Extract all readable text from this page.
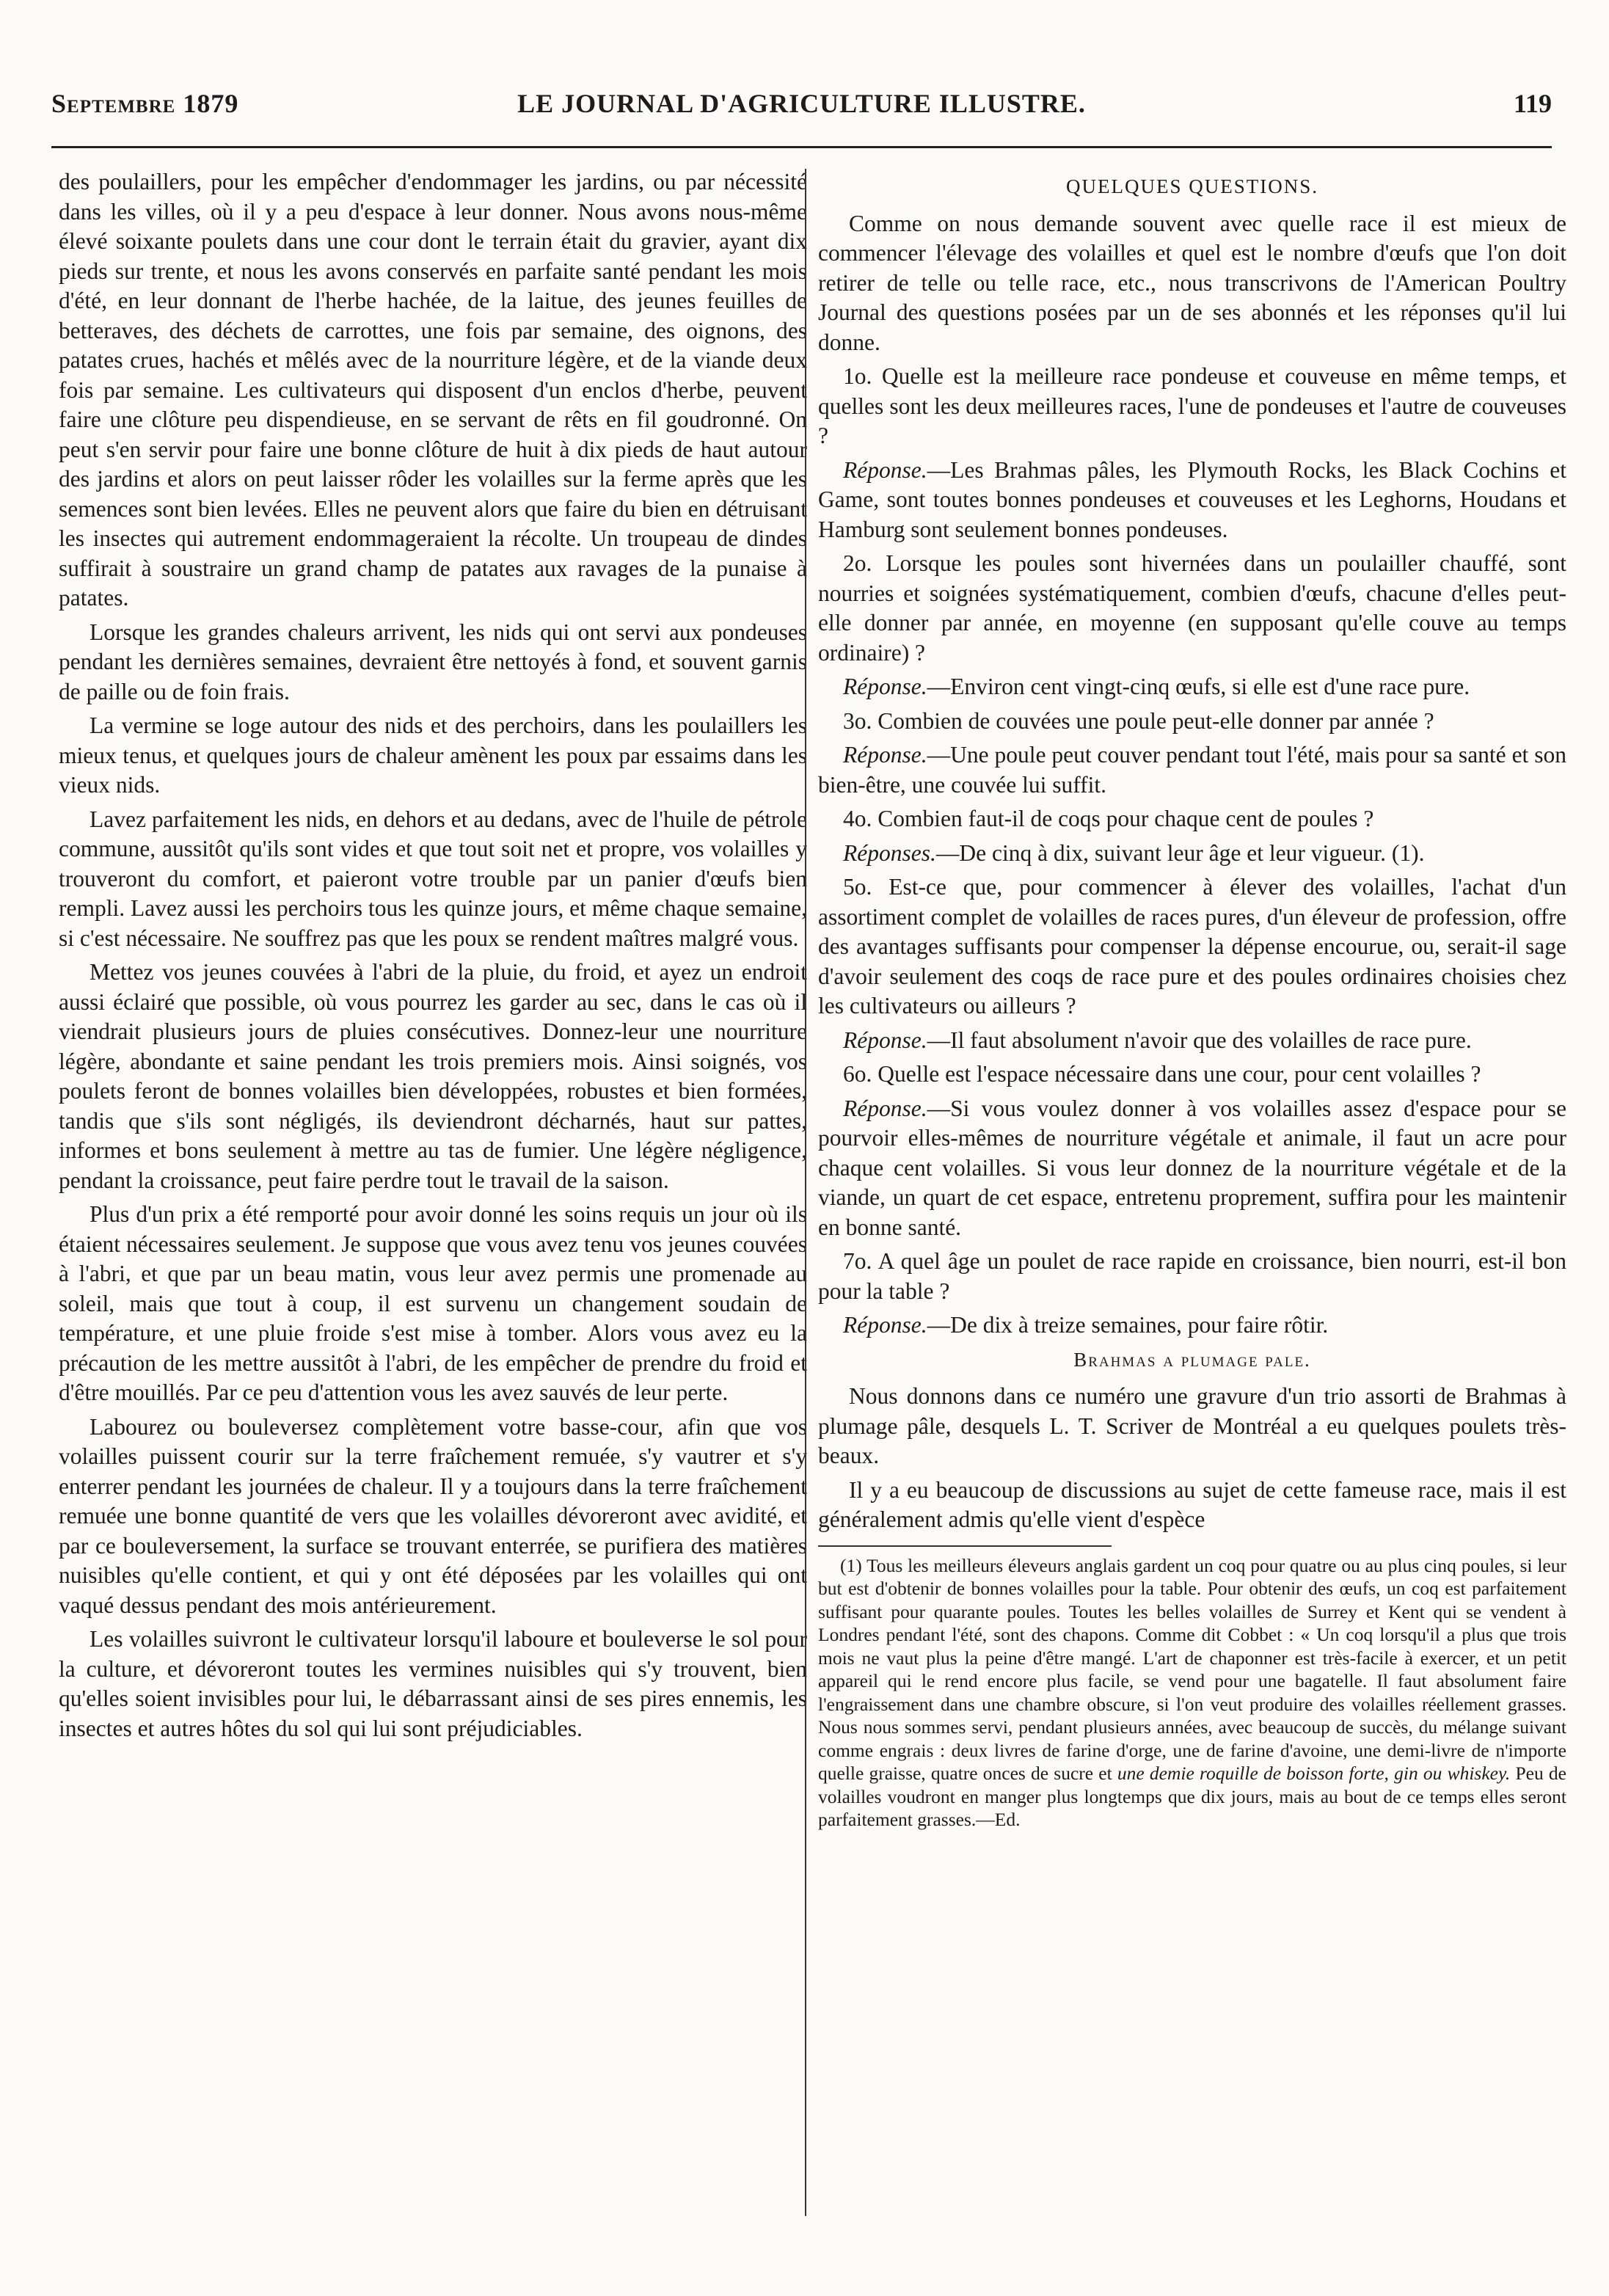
Septembre 1879	LE JOURNAL D'AGRICULTURE ILLUSTRE.	119

des poulaillers, pour les empêcher d'endommager les jardins, ou par nécessité dans les villes, où il y a peu d'espace à leur donner. Nous avons nous-même élevé soixante poulets dans une cour dont le terrain était du gravier, ayant dix pieds sur trente, et nous les avons conservés en parfaite santé pendant les mois d'été, en leur donnant de l'herbe hachée, de la laitue, des jeunes feuilles de betteraves, des déchets de carrottes, une fois par semaine, des oignons, des patates crues, hachés et mêlés avec de la nourriture légère, et de la viande deux fois par semaine. Les cultivateurs qui disposent d'un enclos d'herbe, peuvent faire une clôture peu dispendieuse, en se servant de rêts en fil goudronné. On peut s'en servir pour faire une bonne clôture de huit à dix pieds de haut autour des jardins et alors on peut laisser rôder les volailles sur la ferme après que les semences sont bien levées. Elles ne peuvent alors que faire du bien en détruisant les insectes qui autrement endommageraient la récolte. Un troupeau de dindes suffirait à soustraire un grand champ de patates aux ravages de la punaise à patates.

Lorsque les grandes chaleurs arrivent, les nids qui ont servi aux pondeuses pendant les dernières semaines, devraient être nettoyés à fond, et souvent garnis de paille ou de foin frais.

La vermine se loge autour des nids et des perchoirs, dans les poulaillers les mieux tenus, et quelques jours de chaleur amènent les poux par essaims dans les vieux nids.

Lavez parfaitement les nids, en dehors et au dedans, avec de l'huile de pétrole commune, aussitôt qu'ils sont vides et que tout soit net et propre, vos volailles y trouveront du comfort, et paieront votre trouble par un panier d'œufs bien rempli. Lavez aussi les perchoirs tous les quinze jours, et même chaque semaine, si c'est nécessaire. Ne souffrez pas que les poux se rendent maîtres malgré vous.

Mettez vos jeunes couvées à l'abri de la pluie, du froid, et ayez un endroit aussi éclairé que possible, où vous pourrez les garder au sec, dans le cas où il viendrait plusieurs jours de pluies consécutives. Donnez-leur une nourriture légère, abondante et saine pendant les trois premiers mois. Ainsi soignés, vos poulets feront de bonnes volailles bien développées, robustes et bien formées, tandis que s'ils sont négligés, ils deviendront décharnés, haut sur pattes, informes et bons seulement à mettre au tas de fumier. Une légère négligence, pendant la croissance, peut faire perdre tout le travail de la saison.

Plus d'un prix a été remporté pour avoir donné les soins requis un jour où ils étaient nécessaires seulement. Je suppose que vous avez tenu vos jeunes couvées à l'abri, et que par un beau matin, vous leur avez permis une promenade au soleil, mais que tout à coup, il est survenu un changement soudain de température, et une pluie froide s'est mise à tomber. Alors vous avez eu la précaution de les mettre aussitôt à l'abri, de les empêcher de prendre du froid et d'être mouillés. Par ce peu d'attention vous les avez sauvés de leur perte.

Labourez ou bouleversez complètement votre basse-cour, afin que vos volailles puissent courir sur la terre fraîchement remuée, s'y vautrer et s'y enterrer pendant les journées de chaleur. Il y a toujours dans la terre fraîchement remuée une bonne quantité de vers que les volailles dévoreront avec avidité, et par ce bouleversement, la surface se trouvant enterrée, se purifiera des matières nuisibles qu'elle contient, et qui y ont été déposées par les volailles qui ont vaqué dessus pendant des mois antérieurement.

Les volailles suivront le cultivateur lorsqu'il laboure et bouleverse le sol pour la culture, et dévoreront toutes les vermines nuisibles qui s'y trouvent, bien qu'elles soient invisibles pour lui, le débarrassant ainsi de ses pires ennemis, les insectes et autres hôtes du sol qui lui sont préjudiciables.

QUELQUES QUESTIONS.

Comme on nous demande souvent avec quelle race il est mieux de commencer l'élevage des volailles et quel est le nombre d'œufs que l'on doit retirer de telle ou telle race, etc., nous transcrivons de l'American Poultry Journal des questions posées par un de ses abonnés et les réponses qu'il lui donne.

1o. Quelle est la meilleure race pondeuse et couveuse en même temps, et quelles sont les deux meilleures races, l'une de pondeuses et l'autre de couveuses ?

Réponse.—Les Brahmas pâles, les Plymouth Rocks, les Black Cochins et Game, sont toutes bonnes pondeuses et couveuses et les Leghorns, Houdans et Hamburg sont seulement bonnes pondeuses.

2o. Lorsque les poules sont hivernées dans un poulailler chauffé, sont nourries et soignées systématiquement, combien d'œufs, chacune d'elles peut-elle donner par année, en moyenne (en supposant qu'elle couve au temps ordinaire) ?

Réponse.—Environ cent vingt-cinq œufs, si elle est d'une race pure.

3o. Combien de couvées une poule peut-elle donner par année ?

Réponse.—Une poule peut couver pendant tout l'été, mais pour sa santé et son bien-être, une couvée lui suffit.

4o. Combien faut-il de coqs pour chaque cent de poules ?

Réponses.—De cinq à dix, suivant leur âge et leur vigueur. (1).

5o. Est-ce que, pour commencer à élever des volailles, l'achat d'un assortiment complet de volailles de races pures, d'un éleveur de profession, offre des avantages suffisants pour compenser la dépense encourue, ou, serait-il sage d'avoir seulement des coqs de race pure et des poules ordinaires choisies chez les cultivateurs ou ailleurs ?

Réponse.—Il faut absolument n'avoir que des volailles de race pure.

6o. Quelle est l'espace nécessaire dans une cour, pour cent volailles ?

Réponse.—Si vous voulez donner à vos volailles assez d'espace pour se pourvoir elles-mêmes de nourriture végétale et animale, il faut un acre pour chaque cent volailles. Si vous leur donnez de la nourriture végétale et de la viande, un quart de cet espace, entretenu proprement, suffira pour les maintenir en bonne santé.

7o. A quel âge un poulet de race rapide en croissance, bien nourri, est-il bon pour la table ?

Réponse.—De dix à treize semaines, pour faire rôtir.

Brahmas a plumage pale.

Nous donnons dans ce numéro une gravure d'un trio assorti de Brahmas à plumage pâle, desquels L. T. Scriver de Montréal a eu quelques poulets très-beaux.

Il y a eu beaucoup de discussions au sujet de cette fameuse race, mais il est généralement admis qu'elle vient d'espèce

(1) Tous les meilleurs éleveurs anglais gardent un coq pour quatre ou au plus cinq poules, si leur but est d'obtenir de bonnes volailles pour la table. Pour obtenir des œufs, un coq est parfaitement suffisant pour quarante poules. Toutes les belles volailles de Surrey et Kent qui se vendent à Londres pendant l'été, sont des chapons. Comme dit Cobbet : « Un coq lorsqu'il a plus que trois mois ne vaut plus la peine d'être mangé. L'art de chaponner est très-facile à exercer, et un petit appareil qui le rend encore plus facile, se vend pour une bagatelle. Il faut absolument faire l'engraissement dans une chambre obscure, si l'on veut produire des volailles réellement grasses. Nous nous sommes servi, pendant plusieurs années, avec beaucoup de succès, du mélange suivant comme engrais : deux livres de farine d'orge, une de farine d'avoine, une demi-livre de n'importe quelle graisse, quatre onces de sucre et une demie roquille de boisson forte, gin ou whiskey. Peu de volailles voudront en manger plus longtemps que dix jours, mais au bout de ce temps elles seront parfaitement grasses.—Ed.
